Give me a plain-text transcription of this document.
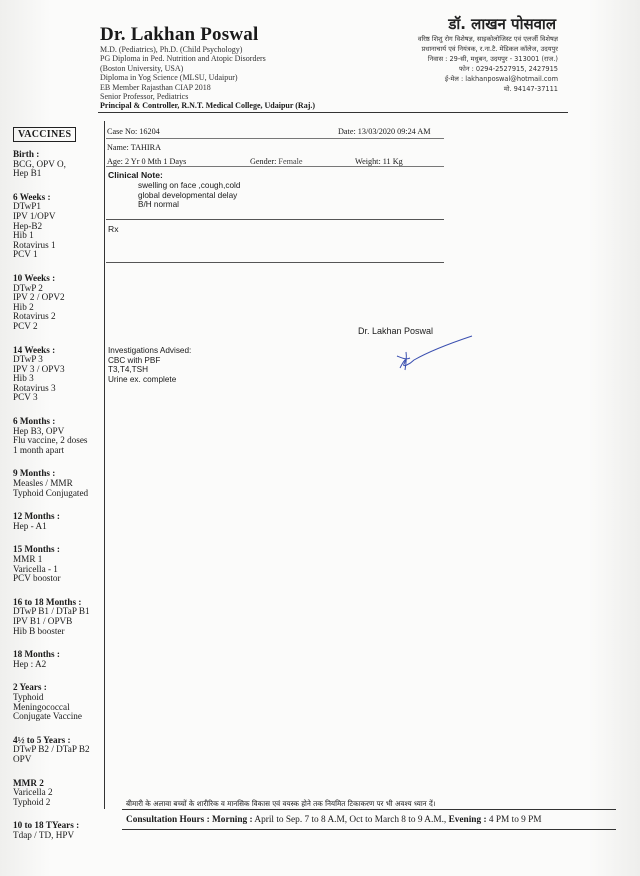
Dr. Lakhan Poswal
M.D. (Pediatrics), Ph.D. (Child Psychology)
PG Diploma in Ped. Nutrition and Atopic Disorders
(Boston University, USA)
Diploma in Yog Science (MLSU, Udaipur)
EB Member Rajasthan CIAP 2018
Senior Professor, Pediatrics
Principal & Controller, R.N.T. Medical College, Udaipur (Raj.)
डॉ. लाखन पोसवाल
वरिष्ठ शिशु रोग विशेषज्ञ, साइकोलोजिस्ट एवं एलर्जी विशेषज्ञ
प्रधानाचार्य एवं नियंत्रक, र.ना.टै. मेडिकल कॉलेज, उदयपुर
निवास : 29-सी, मधुबन, उदयपुर - 313001 (राज.)
फोन : 0294-2527915, 2427915
ई-मेल : lakhanposwal@hotmail.com
मो. 94147-37111
VACCINES
Birth :
BCG, OPV O,
Hep B1
6 Weeks :
DTwP1
IPV 1/OPV
Hep-B2
Hib 1
Rotavirus 1
PCV 1
10 Weeks :
DTwP 2
IPV 2 / OPV2
Hib 2
Rotavirus 2
PCV 2
14 Weeks :
DTwP 3
IPV 3 / OPV3
Hib 3
Rotavirus 3
PCV 3
6 Months :
Hep B3, OPV
Flu vaccine, 2 doses
1 month apart
9 Months :
Measles / MMR
Typhoid Conjugated
12 Months :
Hep - A1
15 Months :
MMR 1
Varicella - 1
PCV boostor
16 to 18 Months :
DTwP B1 / DTaP B1
IPV B1 / OPVB
Hib B booster
18 Months :
Hep : A2
2 Years :
Typhoid
Meningococcal
Conjugate Vaccine
4½ to 5 Years :
DTwP B2 / DTaP B2
OPV
MMR 2
Varicella 2
Typhoid 2
10 to 18 TYears :
Tdap / TD, HPV
Case No: 16204	Date: 13/03/2020 09:24 AM
Name: TAHIRA
Age: 2 Yr 0 Mth 1 Days	Gender: Female	Weight: 11 Kg
Clinical Note:
swelling on face ,cough,cold
global developmental delay
B/H normal
Rx
Dr. Lakhan Poswal
Investigations Advised:
CBC with PBF
T3,T4,TSH
Urine ex. complete
बीमारी के अलावा बच्चों के शारीरिक व मानसिक विकास एवं वयस्क होने तक नियमित टिकाकरण पर भी अवश्य ध्यान दें।
Consultation Hours : Morning : April to Sep. 7 to 8 A.M, Oct to March 8 to 9 A.M., Evening : 4 PM to 9 PM
